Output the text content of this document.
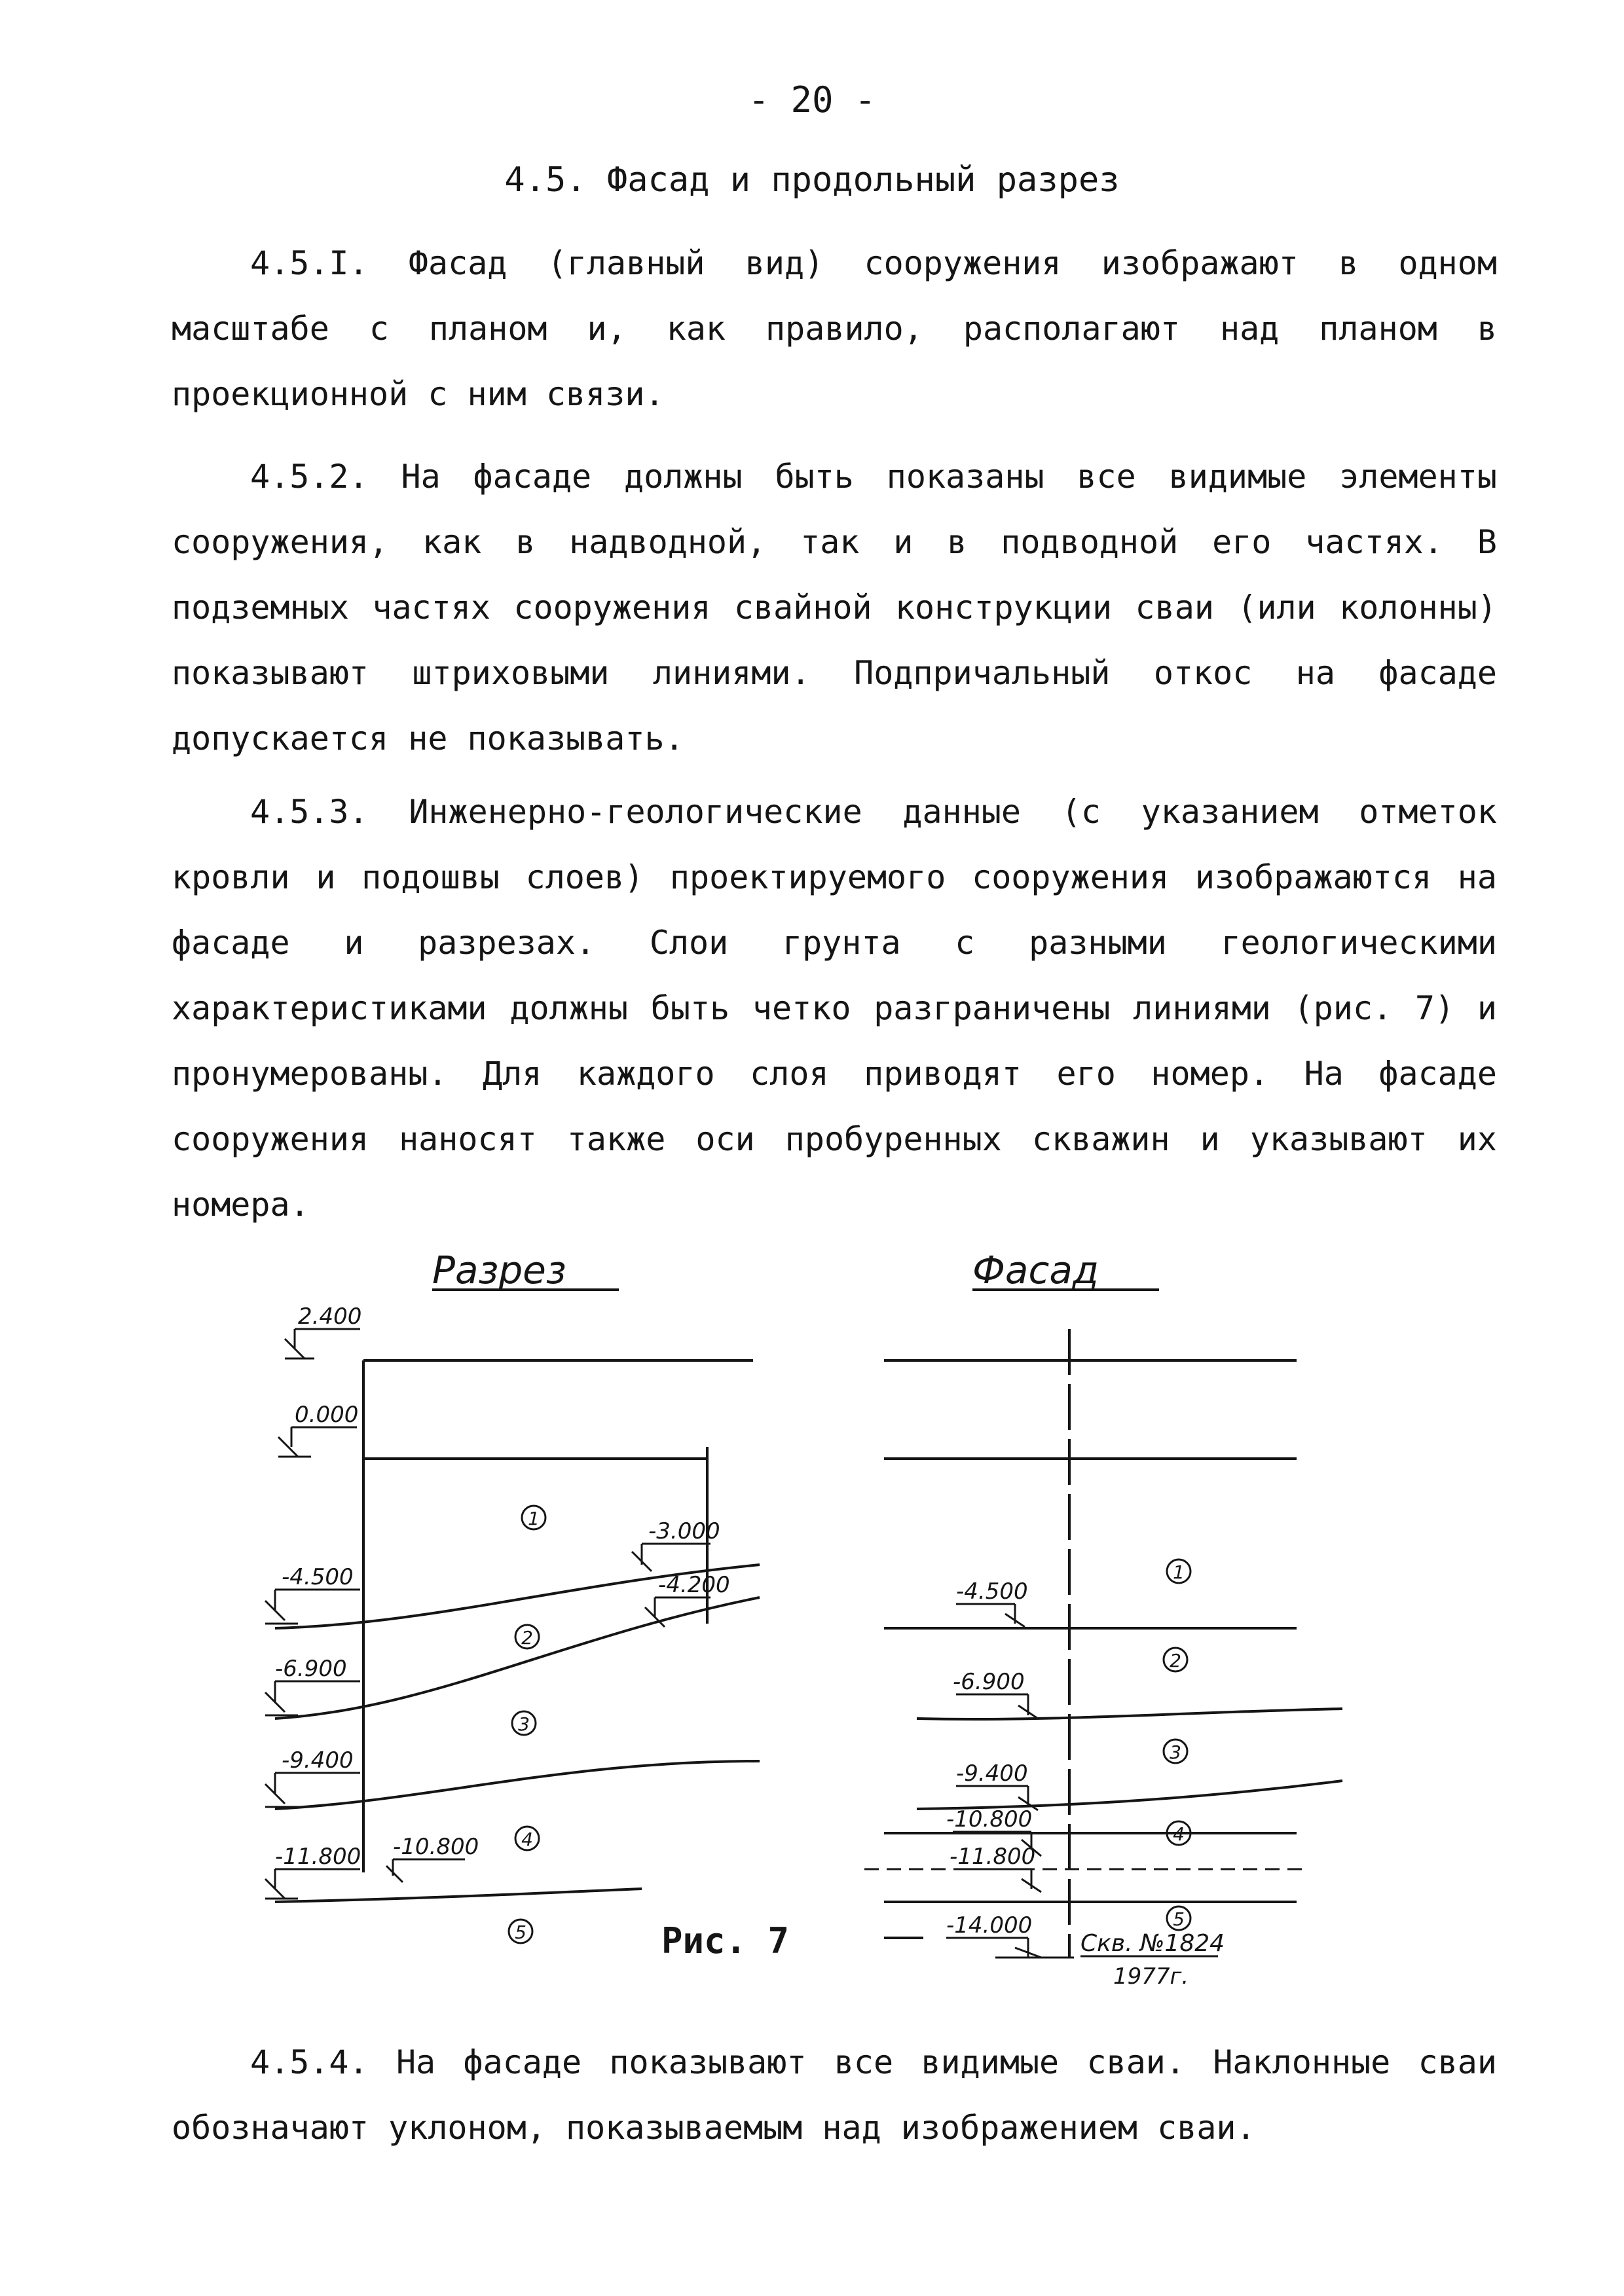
- 20 -

4.5. Фасад и продольный разрез

4.5.I. Фасад (главный вид) сооружения изображают в одном масштабе с планом и, как правило, располагают над планом в проекционной с ним связи.

4.5.2. На фасаде должны быть показаны все видимые элементы сооружения, как в надводной, так и в подводной его частях. В подземных частях сооружения свайной конструкции сваи (или колонны) показывают штриховыми линиями. Подпричальный откос на фасаде допускается не показывать.

4.5.3. Инженерно-геологические данные (с указанием отметок кровли и подошвы слоев) проектируемого сооружения изображаются на фасаде и разрезах. Слои грунта с разными геологическими характеристиками должны быть четко разграничены линиями (рис. 7) и пронумерованы. Для каждого слоя приводят его номер. На фасаде сооружения наносят также оси пробуренных скважин и указывают их номера.

Разрез
2.400
0.000
-4.500
-6.900
-9.400
-11.800 -10.800
-3.000
-4.200
1
2
3
4
5
Фасад
-4.500
-6.900
-9.400
-10.800
-11.800
-14.000
1
2
3
4
5
Скв. №1824
1977г.

Рис. 7

4.5.4. На фасаде показывают все видимые сваи. Наклонные сваи обозначают уклоном, показываемым над изображением сваи.
